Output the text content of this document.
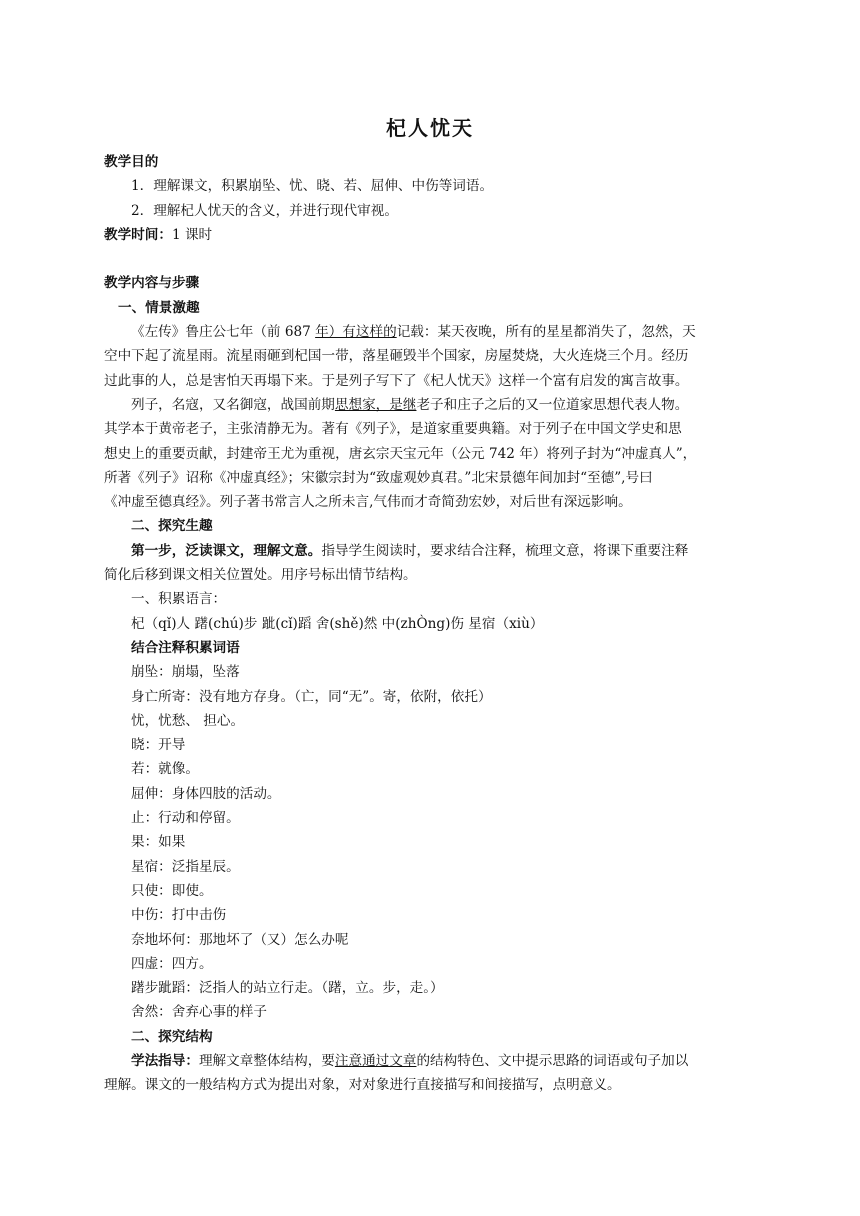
杞人忧天
教学目的
1．理解课文，积累崩坠、忧、晓、若、屈伸、中伤等词语。
2．理解杞人忧天的含义，并进行现代审视。
教学时间：1 课时
教学内容与步骤
一、情景激趣
《左传》鲁庄公七年（前 687 年）有这样的记载：某天夜晚，所有的星星都消失了，忽然，天
空中下起了流星雨。流星雨砸到杞国一带，落星砸毁半个国家，房屋焚烧，大火连烧三个月。经历
过此事的人，总是害怕天再塌下来。于是列子写下了《杞人忧天》这样一个富有启发的寓言故事。
列子，名寇，又名御寇，战国前期思想家，是继老子和庄子之后的又一位道家思想代表人物。
其学本于黄帝老子，主张清静无为。著有《列子》，是道家重要典籍。对于列子在中国文学史和思
想史上的重要贡献，封建帝王尤为重视，唐玄宗天宝元年（公元 742 年）将列子封为“冲虚真人”，
所著《列子》诏称《冲虚真经》；宋徽宗封为“致虚观妙真君。”北宋景德年间加封“至德”,号曰
《冲虚至德真经》。列子著书常言人之所未言,气伟而才奇简劲宏妙，对后世有深远影响。
二、探究生趣
第一步，泛读课文，理解文意。指导学生阅读时，要求结合注释，梳理文意，将课下重要注释
简化后移到课文相关位置处。用序号标出情节结构。
一、积累语言：
杞（qǐ)人 躇(chú)步 跐(cǐ)蹈 舍(shě)然 中(zhÒng)伤 星宿（xiù）
结合注释积累词语
崩坠：崩塌，坠落
身亡所寄：没有地方存身。（亡，同“无”。寄，依附，依托）
忧，忧愁、 担心。
晓：开导
若：就像。
屈伸：身体四肢的活动。
止：行动和停留。
果：如果
星宿：泛指星辰。
只使：即使。
中伤：打中击伤
奈地坏何：那地坏了（又）怎么办呢
四虚：四方。
躇步跐蹈：泛指人的站立行走。（躇，立。步，走。）
舍然：舍弃心事的样子
二、探究结构
学法指导：理解文章整体结构，要注意通过文章的结构特色、文中提示思路的词语或句子加以
理解。课文的一般结构方式为提出对象，对对象进行直接描写和间接描写，点明意义。
